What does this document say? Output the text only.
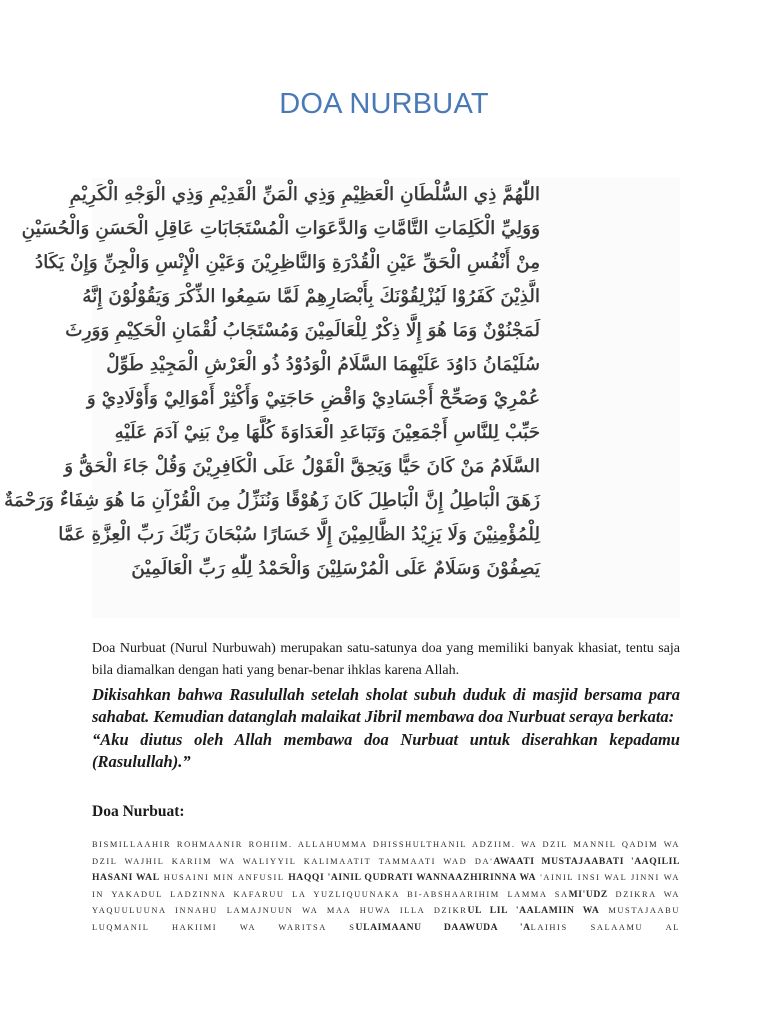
DOA NURBUAT
اللّٰهُمَّ ذِي السُّلْطَانِ الْعَظِيْمِ وَذِي الْمَنِّ الْقَدِيْمِ وَذِي الْوَجْهِ الْكَرِيْمِ
وَوَلِيِّ الْكَلِمَاتِ التَّامَّاتِ وَالدَّعَوَاتِ الْمُسْتَجَابَاتِ عَاقِلِ الْحَسَنِ وَالْحُسَيْنِ
مِنْ أَنْفُسِ الْحَقِّ عَيْنِ الْقُدْرَةِ وَالنَّاظِرِيْنَ وَعَيْنِ الْإِنْسِ وَالْجِنِّ وَإِنْ يَكَادُ
الَّذِيْنَ كَفَرُوْا لَيُزْلِقُوْنَكَ بِأَبْصَارِهِمْ لَمَّا سَمِعُوا الذِّكْرَ وَيَقُوْلُوْنَ إِنَّهُ
لَمَجْنُوْنٌ وَمَا هُوَ إِلَّا ذِكْرٌ لِلْعَالَمِيْنَ وَمُسْتَجَابُ لُقْمَانِ الْحَكِيْمِ وَوَرِثَ
سُلَيْمَانُ دَاوُدَ عَلَيْهِمَا السَّلَامُ الْوَدُوْدُ ذُو الْعَرْشِ الْمَجِيْدِ طَوِّلْ
عُمْرِيْ وَصَحِّحْ أَجْسَادِيْ وَاقْضِ حَاجَتِيْ وَأَكْثِرْ أَمْوَالِيْ وَأَوْلَادِيْ وَ
حَبِّبْ لِلنَّاسِ أَجْمَعِيْنَ وَتَبَاعَدِ الْعَدَاوَةَ كُلَّهَا مِنْ بَنِيْ آدَمَ عَلَيْهِ
السَّلَامُ مَنْ كَانَ حَيًّا وَيَحِقَّ الْقَوْلُ عَلَى الْكَافِرِيْنَ وَقُلْ جَاءَ الْحَقُّ وَ
زَهَقَ الْبَاطِلُ إِنَّ الْبَاطِلَ كَانَ زَهُوْقًا وَنُنَزِّلُ مِنَ الْقُرْآنِ مَا هُوَ شِفَاءٌ وَرَحْمَةٌ
لِلْمُؤْمِنِيْنَ وَلَا يَزِيْدُ الظَّالِمِيْنَ إِلَّا خَسَارًا سُبْحَانَ رَبِّكَ رَبِّ الْعِزَّةِ عَمَّا
يَصِفُوْنَ وَسَلَامٌ عَلَى الْمُرْسَلِيْنَ وَالْحَمْدُ لِلّٰهِ رَبِّ الْعَالَمِيْنَ
Doa Nurbuat (Nurul Nurbuwah) merupakan satu-satunya doa yang memiliki banyak khasiat, tentu saja bila diamalkan dengan hati yang benar-benar ihklas karena Allah.

Dikisahkan bahwa Rasulullah setelah sholat subuh duduk di masjid bersama para sahabat. Kemudian datanglah malaikat Jibril membawa doa Nurbuat seraya berkata:

“Aku diutus oleh Allah membawa doa Nurbuat untuk diserahkan kepadamu (Rasulullah).”

Doa Nurbuat:
BISMILLAAHIR ROHMAANIR ROHIIM. ALLAHUMMA DHISSHULTHANIL ADZIIM. WA DZIL MANNIL QADIM WA DZIL WAJHIL KARIIM WA WALIYYIL KALIMAATIT TAMMAATI WAD DA'AWAATI MUSTAJAABATI 'AAQILIL HASANI WAL HUSAINI MIN ANFUSIL HAQQI 'AINIL QUDRATI WANNAAZHIRINNA WA 'AINIL INSI WAL JINNI WA IN YAKADUL LADZINNA KAFARUU LA YUZLIQUUNAKA BI-ABSHAARIHIM LAMMA SAMI'UDZ DZIKRA WA YAQUULUUNA INNAHU LAMAJNUUN WA MAA HUWA ILLA DZIKRUL LIL 'AALAMIIN WA MUSTAJAABU LUQMANIL HAKIIMI WA WARITSA SULAIMAANU DAAWUDA 'ALAIHIS SALAAMU AL
